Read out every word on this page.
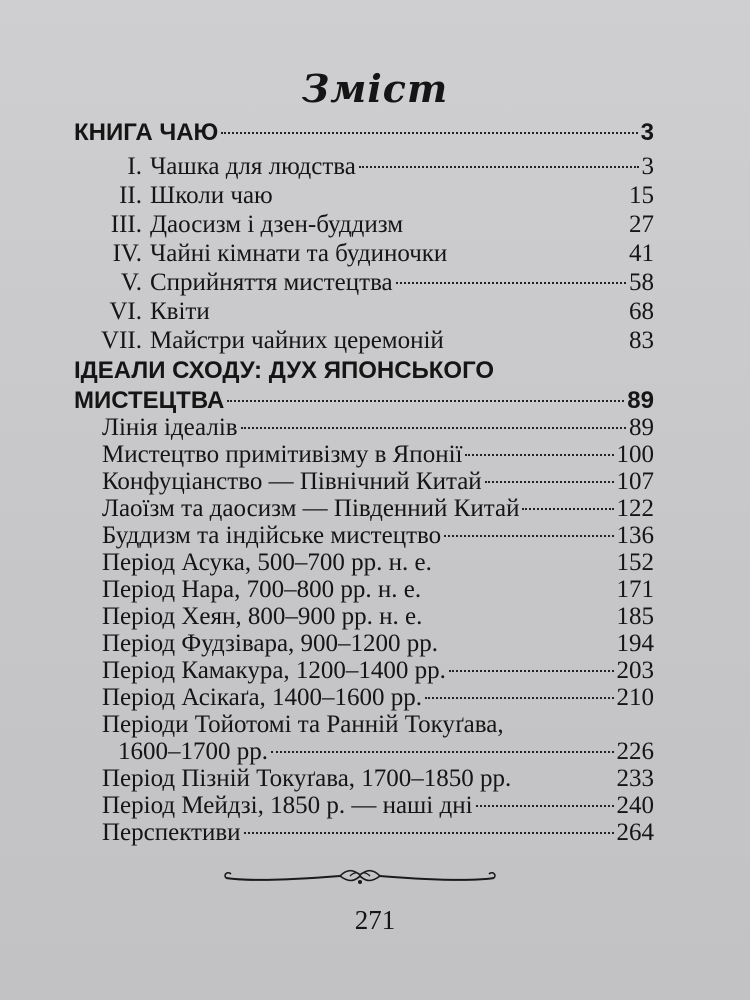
Зміст
КНИГА ЧАЮ	3
I. Чашка для людства	3
II. Школи чаю	15
III. Даосизм і дзен-буддизм	27
IV. Чайні кімнати та будиночки	41
V. Сприйняття мистецтва	58
VI. Квіти	68
VII. Майстри чайних церемоній	83
ІДЕАЛИ СХОДУ: ДУХ ЯПОНСЬКОГО
МИСТЕЦТВА	89
Лінія ідеалів	89
Мистецтво примітивізму в Японії	100
Конфуціанство — Північний Китай	107
Лаоїзм та даосизм — Південний Китай	122
Буддизм та індійське мистецтво	136
Період Асука, 500–700 рр. н. е.	152
Період Нара, 700–800 рр. н. е.	171
Період Хеян, 800–900 рр. н. е.	185
Період Фудзівара, 900–1200 рр.	194
Період Камакура, 1200–1400 рр.	203
Період Асікаґа, 1400–1600 рр.	210
Періоди Тойотомі та Ранній Токуґава,
1600–1700 рр.	226
Період Пізній Токуґава, 1700–1850 рр.	233
Період Мейдзі, 1850 р. — наші дні	240
Перспективи	264
271
